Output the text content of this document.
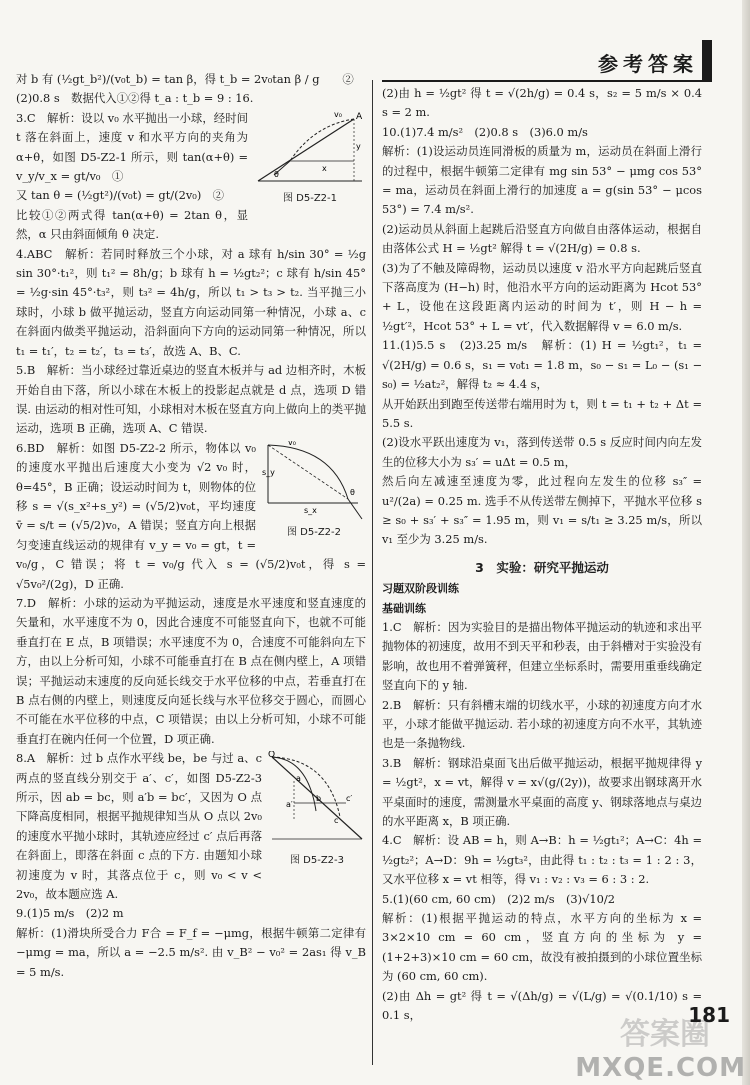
参考答案

对 b 有 (½gt_b²)/(v₀t_b) = tan β，得 t_b = 2v₀tan β / g　　②

(2)0.8 s　数据代入①②得 t_a : t_b = 9 : 16.

A
v₀
x
y
θ
图 D5-Z2-1

3.C　解析：设以 v₀ 水平抛出一小球，经时间 t 落在斜面上，速度 v 和水平方向的夹角为 α+θ，如图 D5-Z2-1 所示，则 tan(α+θ) = v_y/v_x = gt/v₀　①

又 tan θ = (½gt²)/(v₀t) = gt/(2v₀)　②

比较①②两式得 tan(α+θ) = 2tan θ，显然，α 只由斜面倾角 θ 决定.

4.ABC　解析：若同时释放三个小球，对 a 球有 h/sin 30° = ½g sin 30°·t₁²，则 t₁² = 8h/g；b 球有 h = ½gt₂²；c 球有 h/sin 45° = ½g·sin 45°·t₃²，则 t₃² = 4h/g，所以 t₁ > t₃ > t₂. 当平抛三小球时，小球 b 做平抛运动，竖直方向运动同第一种情况，小球 a、c 在斜面内做类平抛运动，沿斜面向下方向的运动同第一种情况，所以 t₁ = t₁′，t₂ = t₂′，t₃ = t₃′，故选 A、B、C.

5.B　解析：当小球经过靠近桌边的竖直木板并与 ad 边相齐时，木板开始自由下落，所以小球在木板上的投影起点就是 d 点，选项 D 错误. 由运动的相对性可知，小球相对木板在竖直方向上做向上的类平抛运动，选项 B 正确，选项 A、C 错误.

s_y
s_x
θ
v₀
图 D5-Z2-2

6.BD　解析：如图 D5-Z2-2 所示，物体以 v₀ 的速度水平抛出后速度大小变为 √2 v₀ 时，θ=45°，B 正确；设运动时间为 t，则物体的位移 s = √(s_x²+s_y²) = (√5/2)v₀t，平均速度 v̄ = s/t = (√5/2)v₀，A 错误；竖直方向上根据匀变速直线运动的规律有 v_y = v₀ = gt，t = v₀/g，C 错误；将 t = v₀/g 代入 s = (√5/2)v₀t，得 s = √5v₀²/(2g)，D 正确.

7.D　解析：小球的运动为平抛运动，速度是水平速度和竖直速度的矢量和，水平速度不为 0，因此合速度不可能竖直向下，也就不可能垂直打在 E 点，B 项错误；水平速度不为 0，合速度不可能斜向左下方，由以上分析可知，小球不可能垂直打在 B 点在侧内壁上，A 项错误；平抛运动末速度的反向延长线交于水平位移的中点，若垂直打在 B 点右侧的内壁上，则速度反向延长线与水平位移交于圆心，而圆心不可能在水平位移的中点，C 项错误；由以上分析可知，小球不可能垂直打在碗内任何一个位置，D 项正确.

O
a
b	c′
c
a′
图 D5-Z2-3

8.A　解析：过 b 点作水平线 be，be 与过 a、c 两点的竖直线分别交于 a′、c′，如图 D5-Z2-3 所示，因 ab = bc，则 a′b = bc′，又因为 O 点下降高度相同，根据平抛规律知当从 O 点以 2v₀ 的速度水平抛小球时，其轨迹应经过 c′ 点后再落在斜面上，即落在斜面 c 点的下方. 由题知小球初速度为 v 时，其落点位于 c，则 v₀ < v < 2v₀，故本题应选 A.

9.(1)5 m/s　(2)2 m

解析：(1)滑块所受合力 F合 = F_f = −μmg，根据牛顿第二定律有 −μmg = ma，所以 a = −2.5 m/s². 由 v_B² − v₀² = 2as₁ 得 v_B = 5 m/s.

(2)由 h = ½gt² 得 t = √(2h/g) = 0.4 s，s₂ = 5 m/s × 0.4 s = 2 m.

10.(1)7.4 m/s²　(2)0.8 s　(3)6.0 m/s

解析：(1)设运动员连同滑板的质量为 m，运动员在斜面上滑行的过程中，根据牛顿第二定律有 mg sin 53° − μmg cos 53° = ma，运动员在斜面上滑行的加速度 a = g(sin 53° − μcos 53°) = 7.4 m/s².

(2)运动员从斜面上起跳后沿竖直方向做自由落体运动，根据自由落体公式 H = ½gt² 解得 t = √(2H/g) = 0.8 s.

(3)为了不触及障碍物，运动员以速度 v 沿水平方向起跳后竖直下落高度为 (H−h) 时，他沿水平方向的运动距离为 Hcot 53° + L，设他在这段距离内运动的时间为 t′，则 H − h = ½gt′²，Hcot 53° + L = vt′，代入数据解得 v = 6.0 m/s.

11.(1)5.5 s　(2)3.25 m/s　解析：(1) H = ½gt₁²，t₁ = √(2H/g) = 0.6 s，s₁ = v₀t₁ = 1.8 m，s₀ − s₁ = L₀ − (s₁ − s₀) = ½at₂²，解得 t₂ ≈ 4.4 s，

从开始跃出到跑至传送带右端用时为 t，则 t = t₁ + t₂ + Δt = 5.5 s.

(2)设水平跃出速度为 v₁，落到传送带 0.5 s 反应时间内向左发生的位移大小为 s₃′ = uΔt = 0.5 m，

然后向左减速至速度为零，此过程向左发生的位移 s₃″ = u²/(2a) = 0.25 m. 选手不从传送带左侧掉下，平抛水平位移 s ≥ s₀ + s₃′ + s₃″ = 1.95 m，则 v₁ = s/t₁ ≥ 3.25 m/s，所以 v₁ 至少为 3.25 m/s.

3　实验：研究平抛运动
习题双阶段训练
基础训练

1.C　解析：因为实验目的是描出物体平抛运动的轨迹和求出平抛物体的初速度，故用不到天平和秒表，由于斜槽对于实验没有影响，故也用不着弹簧秤，但建立坐标系时，需要用重垂线确定竖直向下的 y 轴.

2.B　解析：只有斜槽末端的切线水平，小球的初速度方向才水平，小球才能做平抛运动. 若小球的初速度方向不水平，其轨迹也是一条抛物线.

3.B　解析：钢球沿桌面飞出后做平抛运动，根据平抛规律得 y = ½gt²，x = vt，解得 v = x√(g/(2y))，故要求出钢球离开水平桌面时的速度，需测量水平桌面的高度 y、钢球落地点与桌边的水平距离 x，B 项正确.

4.C　解析：设 AB = h，则 A→B：h = ½gt₁²；A→C：4h = ½gt₂²；A→D：9h = ½gt₃²，由此得 t₁ : t₂ : t₃ = 1 : 2 : 3，又水平位移 x = vt 相等，得 v₁ : v₂ : v₃ = 6 : 3 : 2.

5.(1)(60 cm, 60 cm)　(2)2 m/s　(3)√10/2

解析：(1)根据平抛运动的特点，水平方向的坐标为 x = 3×2×10 cm = 60 cm，竖直方向的坐标为 y = (1+2+3)×10 cm = 60 cm，故没有被拍摄到的小球位置坐标为 (60 cm, 60 cm).

(2)由 Δh = gt² 得 t = √(Δh/g) = √(L/g) = √(0.1/10) s = 0.1 s，

答案圈
181
MXQE.COM
